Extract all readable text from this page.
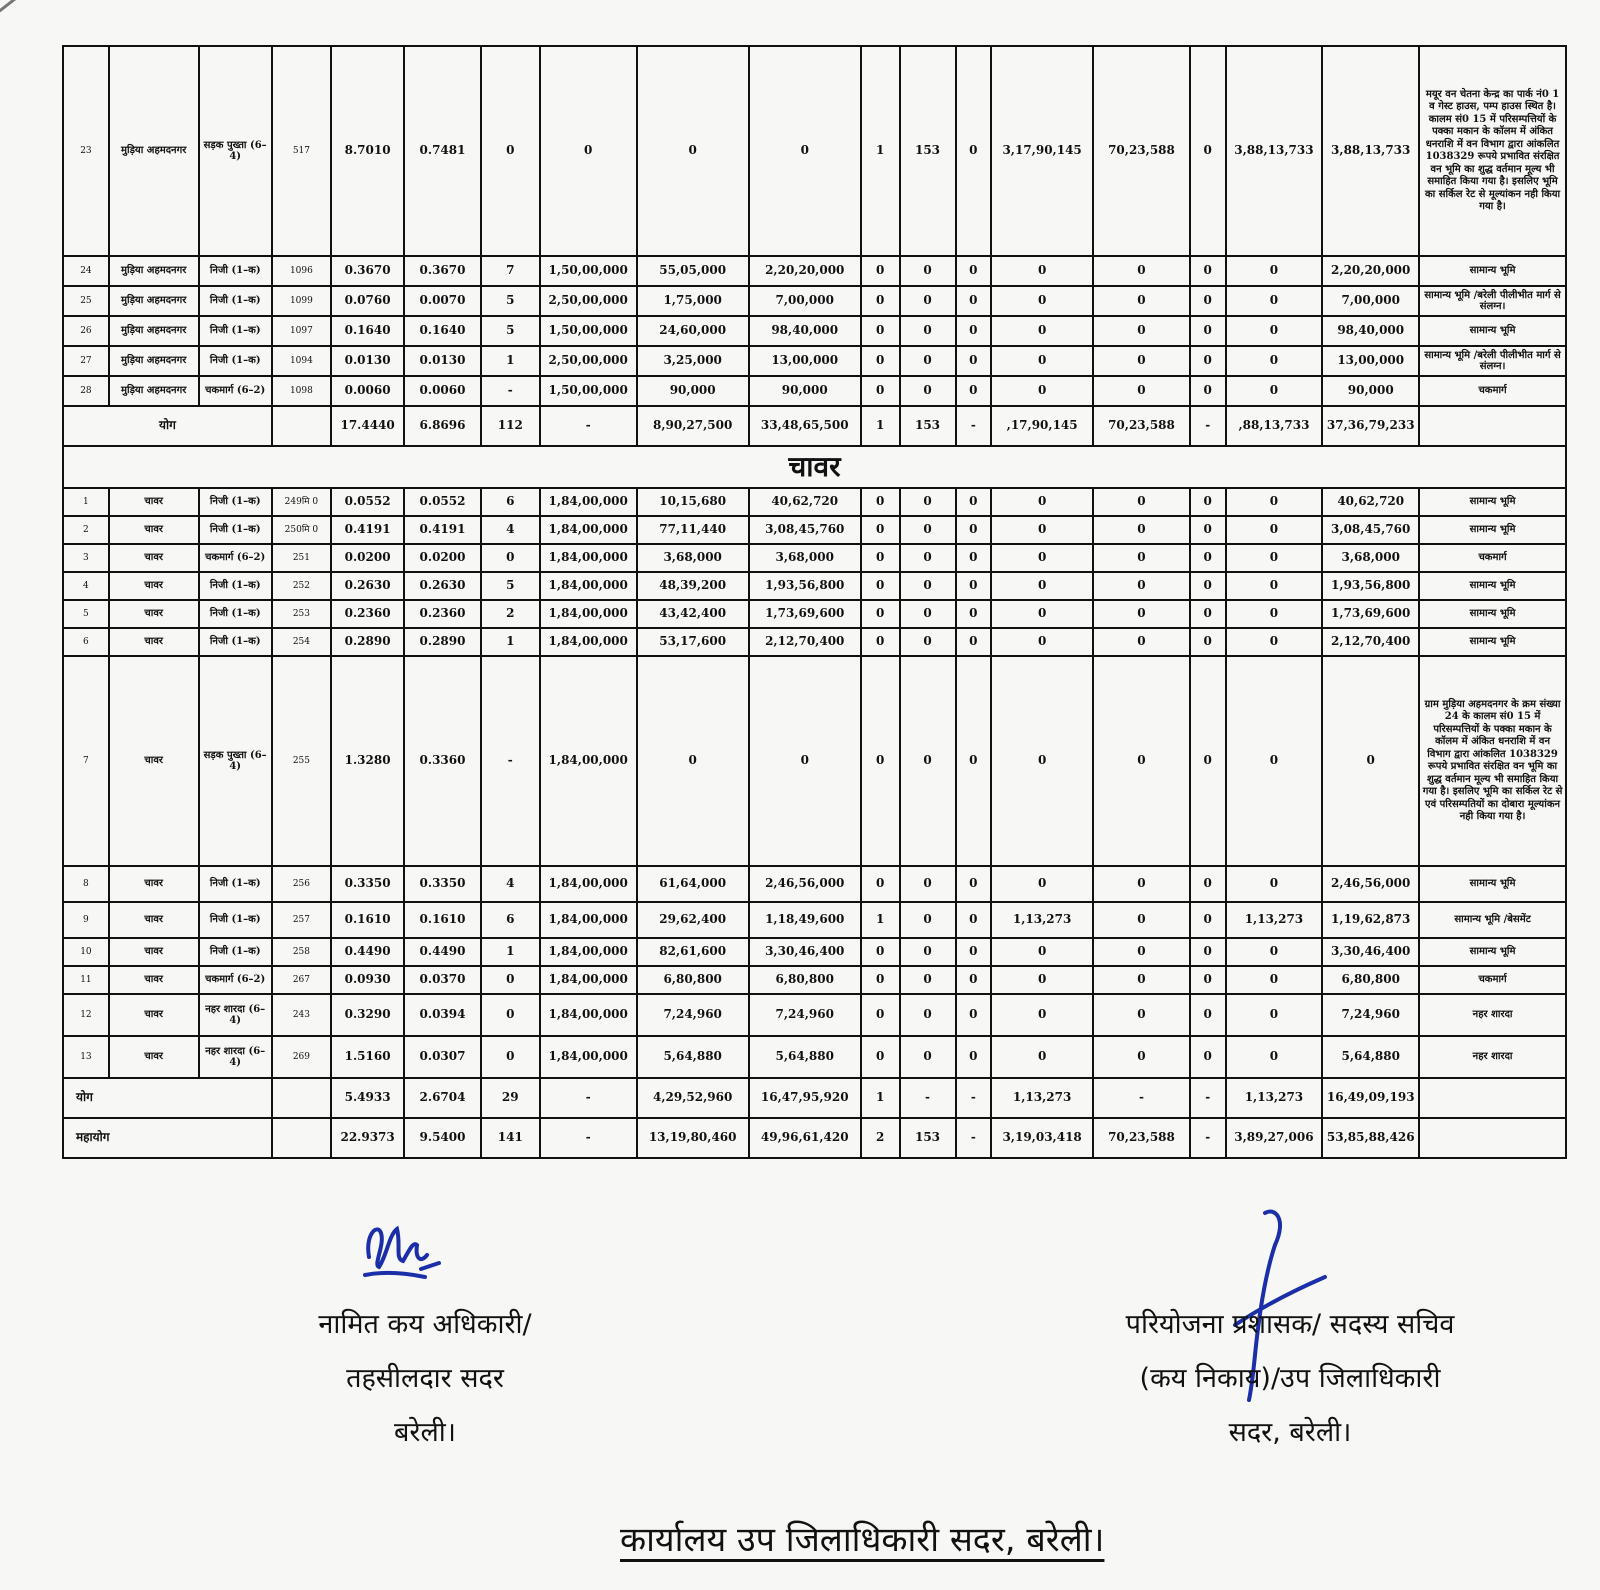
23	मुड़िया अहमदनगर	सड़क पुख्ता (6–4)	517	8.7010	0.7481	0	0	0	0	1	153	0	3,17,90,145	70,23,588	0	3,88,13,733	3,88,13,733	मयूर वन चेतना केन्द्र का पार्क नं0 1 व गेस्ट हाउस, पम्प हाउस स्थित है। कालम सं0 15 में परिसम्पत्तियों के पक्का मकान के कॉलम में अंकित धनराशि में वन विभाग द्वारा आंकलित 1038329 रूपये प्रभावित संरक्षित वन भूमि का शुद्ध वर्तमान मूल्य भी समाहित किया गया है। इसलिए भूमि का सर्किल रेट से मूल्यांकन नही किया गया है।
24	मुड़िया अहमदनगर	निजी (1–क)	1096	0.3670	0.3670	7	1,50,00,000	55,05,000	2,20,20,000	0	0	0	0	0	0	0	2,20,20,000	सामान्य भूमि
25	मुड़िया अहमदनगर	निजी (1–क)	1099	0.0760	0.0070	5	2,50,00,000	1,75,000	7,00,000	0	0	0	0	0	0	0	7,00,000	सामान्य भूमि /बरेली पीलीभीत मार्ग से संलग्न।
26	मुड़िया अहमदनगर	निजी (1–क)	1097	0.1640	0.1640	5	1,50,00,000	24,60,000	98,40,000	0	0	0	0	0	0	0	98,40,000	सामान्य भूमि
27	मुड़िया अहमदनगर	निजी (1–क)	1094	0.0130	0.0130	1	2,50,00,000	3,25,000	13,00,000	0	0	0	0	0	0	0	13,00,000	सामान्य भूमि /बरेली पीलीभीत मार्ग से संलग्न।
28	मुड़िया अहमदनगर	चकमार्ग (6–2)	1098	0.0060	0.0060	-	1,50,00,000	90,000	90,000	0	0	0	0	0	0	0	90,000	चकमार्ग
योग				17.4440	6.8696	112	-	8,90,27,500	33,48,65,500	1	153	-	,17,90,145	70,23,588	-	,88,13,733	37,36,79,233	
चावर																		
1	चावर	निजी (1–क)	249मि 0	0.0552	0.0552	6	1,84,00,000	10,15,680	40,62,720	0	0	0	0	0	0	0	40,62,720	सामान्य भूमि
2	चावर	निजी (1–क)	250मि 0	0.4191	0.4191	4	1,84,00,000	77,11,440	3,08,45,760	0	0	0	0	0	0	0	3,08,45,760	सामान्य भूमि
3	चावर	चकमार्ग (6–2)	251	0.0200	0.0200	0	1,84,00,000	3,68,000	3,68,000	0	0	0	0	0	0	0	3,68,000	चकमार्ग
4	चावर	निजी (1–क)	252	0.2630	0.2630	5	1,84,00,000	48,39,200	1,93,56,800	0	0	0	0	0	0	0	1,93,56,800	सामान्य भूमि
5	चावर	निजी (1–क)	253	0.2360	0.2360	2	1,84,00,000	43,42,400	1,73,69,600	0	0	0	0	0	0	0	1,73,69,600	सामान्य भूमि
6	चावर	निजी (1–क)	254	0.2890	0.2890	1	1,84,00,000	53,17,600	2,12,70,400	0	0	0	0	0	0	0	2,12,70,400	सामान्य भूमि
7	चावर	सड़क पुख्ता (6–4)	255	1.3280	0.3360	-	1,84,00,000	0	0	0	0	0	0	0	0	0	0	ग्राम मुड़िया अहमदनगर के क्रम संख्या 24 के कालम सं0 15 में परिसम्पत्तियों के पक्का मकान के कॉलम में अंकित धनराशि में वन विभाग द्वारा आंकलित 1038329 रूपये प्रभावित संरक्षित वन भूमि का शुद्ध वर्तमान मूल्य भी समाहित किया गया है। इसलिए भूमि का सर्किल रेट से एवं परिसम्पतियों का दोबारा मूल्यांकन नही किया गया है।
8	चावर	निजी (1–क)	256	0.3350	0.3350	4	1,84,00,000	61,64,000	2,46,56,000	0	0	0	0	0	0	0	2,46,56,000	सामान्य भूमि
9	चावर	निजी (1–क)	257	0.1610	0.1610	6	1,84,00,000	29,62,400	1,18,49,600	1	0	0	1,13,273	0	0	1,13,273	1,19,62,873	सामान्य भूमि /बेसमेंट
10	चावर	निजी (1–क)	258	0.4490	0.4490	1	1,84,00,000	82,61,600	3,30,46,400	0	0	0	0	0	0	0	3,30,46,400	सामान्य भूमि
11	चावर	चकमार्ग (6–2)	267	0.0930	0.0370	0	1,84,00,000	6,80,800	6,80,800	0	0	0	0	0	0	0	6,80,800	चकमार्ग
12	चावर	नहर शारदा (6–4)	243	0.3290	0.0394	0	1,84,00,000	7,24,960	7,24,960	0	0	0	0	0	0	0	7,24,960	नहर शारदा
13	चावर	नहर शारदा (6–4)	269	1.5160	0.0307	0	1,84,00,000	5,64,880	5,64,880	0	0	0	0	0	0	0	5,64,880	नहर शारदा
योग				5.4933	2.6704	29	-	4,29,52,960	16,47,95,920	1	-	-	1,13,273	-	-	1,13,273	16,49,09,193	
महायोग				22.9373	9.5400	141	-	13,19,80,460	49,96,61,420	2	153	-	3,19,03,418	70,23,588	-	3,89,27,006	53,85,88,426	
नामित कय अधिकारी/
तहसीलदार सदर
बरेली।
परियोजना प्रशासक/ सदस्य सचिव
(कय निकाय)/उप जिलाधिकारी
सदर, बरेली।
कार्यालय उप जिलाधिकारी सदर, बरेली।
